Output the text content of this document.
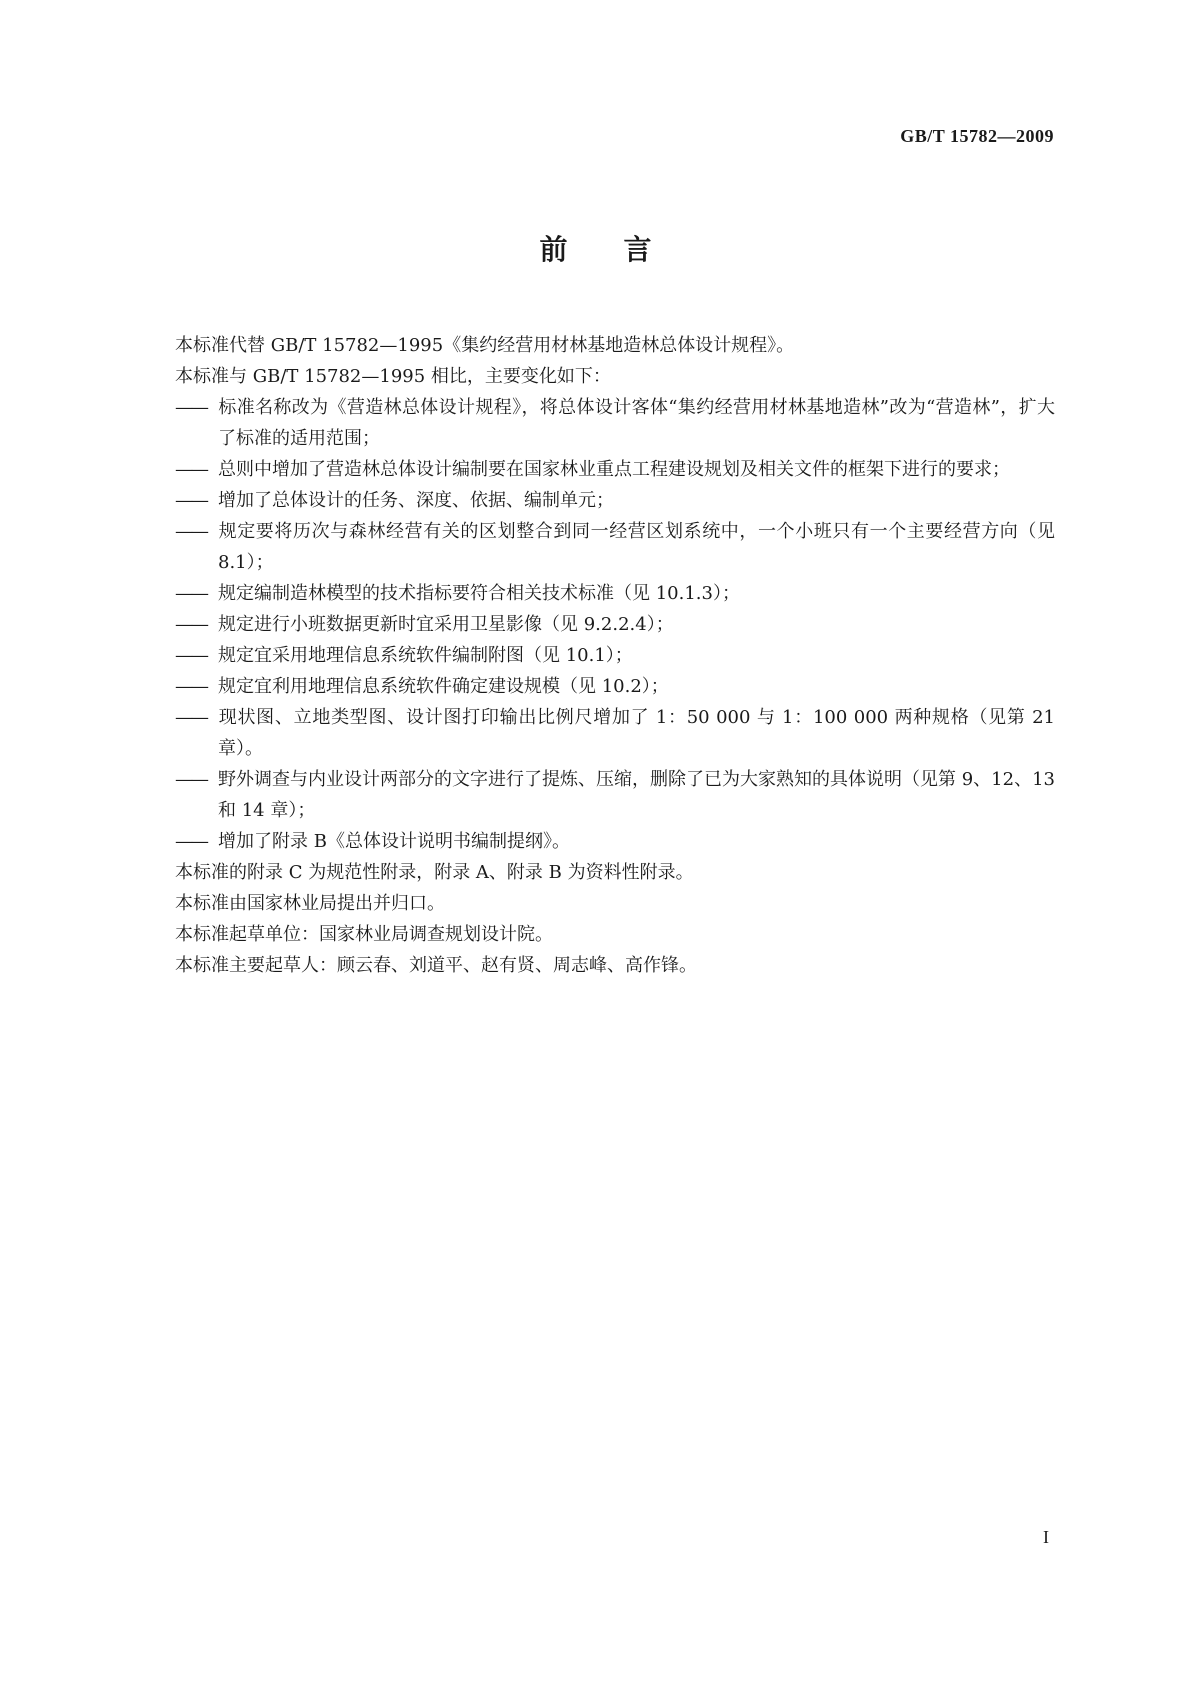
GB/T 15782—2009
前言

本标准代替 GB/T 15782—1995《集约经营用材林基地造林总体设计规程》。

本标准与 GB/T 15782—1995 相比，主要变化如下：

—— 标准名称改为《营造林总体设计规程》，将总体设计客体“集约经营用材林基地造林”改为“营造林”，扩大了标准的适用范围；

—— 总则中增加了营造林总体设计编制要在国家林业重点工程建设规划及相关文件的框架下进行的要求；

—— 增加了总体设计的任务、深度、依据、编制单元；

—— 规定要将历次与森林经营有关的区划整合到同一经营区划系统中，一个小班只有一个主要经营方向（见 8.1）；

—— 规定编制造林模型的技术指标要符合相关技术标准（见 10.1.3）；

—— 规定进行小班数据更新时宜采用卫星影像（见 9.2.2.4）；

—— 规定宜采用地理信息系统软件编制附图（见 10.1）；

—— 规定宜利用地理信息系统软件确定建设规模（见 10.2）；

—— 现状图、立地类型图、设计图打印输出比例尺增加了 1：50 000 与 1：100 000 两种规格（见第 21 章）。

—— 野外调查与内业设计两部分的文字进行了提炼、压缩，删除了已为大家熟知的具体说明（见第 9、12、13 和 14 章）；

—— 增加了附录 B《总体设计说明书编制提纲》。

本标准的附录 C 为规范性附录，附录 A、附录 B 为资料性附录。

本标准由国家林业局提出并归口。

本标准起草单位：国家林业局调查规划设计院。

本标准主要起草人：顾云春、刘道平、赵有贤、周志峰、高作锋。

I
